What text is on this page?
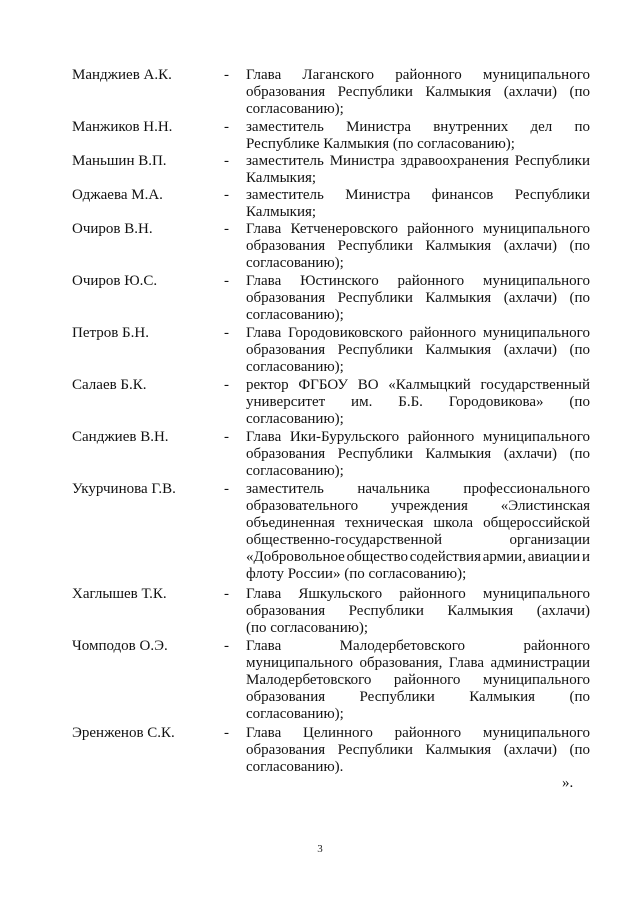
Манджиев А.К.	- Глава Лаганского районного муниципального
образования Республики Калмыкия (ахлачи) (по
согласованию);
Манжиков Н.Н.	- заместитель Министра внутренних дел по
Республике Калмыкия (по согласованию);
Маньшин В.П.	- заместитель Министра здравоохранения Республики
Калмыкия;
Оджаева М.А.	- заместитель Министра финансов Республики
Калмыкия;
Очиров В.Н.	- Глава Кетченеровского районного муниципального
образования Республики Калмыкия (ахлачи) (по
согласованию);
Очиров Ю.С.	- Глава Юстинского районного муниципального
образования Республики Калмыкия (ахлачи) (по
согласованию);
Петров Б.Н.	- Глава Городовиковского районного муниципального
образования Республики Калмыкия (ахлачи) (по
согласованию);
Салаев Б.К.	- ректор ФГБОУ ВО «Калмыцкий государственный
университет им. Б.Б. Городовикова» (по
согласованию);
Санджиев В.Н.	- Глава Ики-Бурульского районного муниципального
образования Республики Калмыкия (ахлачи) (по
согласованию);
Укурчинова Г.В.	- заместитель начальника профессионального
образовательного учреждения «Элистинская
объединенная техническая школа общероссийской
общественно-государственной	организации
«Добровольное общество содействия армии, авиации и
флоту России» (по согласованию);
Хаглышев Т.К.	- Глава Яшкульского районного муниципального
образования Республики Калмыкия (ахлачи)
(по согласованию);
Чомподов О.Э.	- Глава	Малодербетовского	районного
муниципального образования, Глава администрации
Малодербетовского районного муниципального
образования Республики Калмыкия (по
согласованию);
Эренженов С.К.	- Глава Целинного районного муниципального
образования Республики Калмыкия (ахлачи) (по
согласованию).
».
3
